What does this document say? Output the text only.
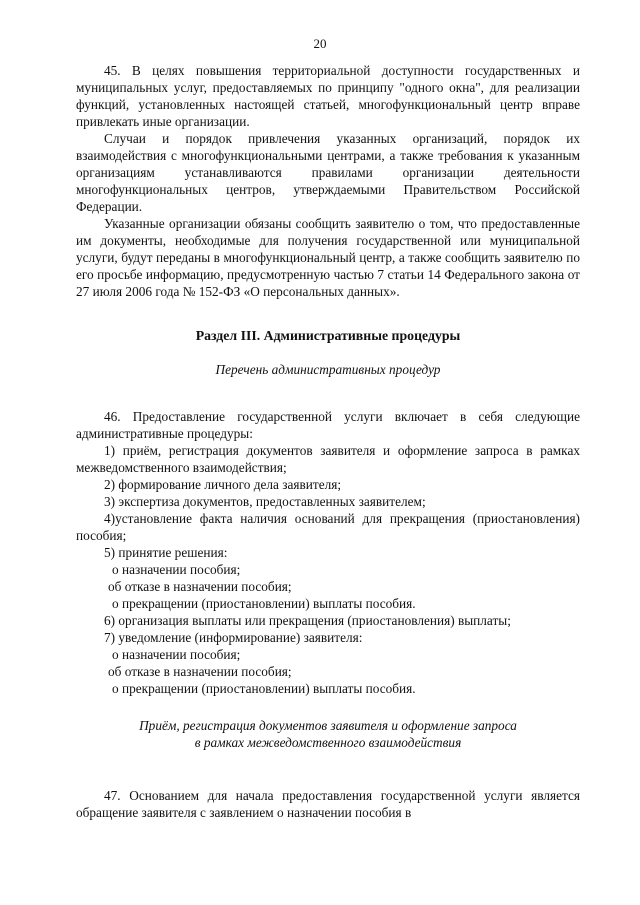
20

45. В целях повышения территориальной доступности государственных и муниципальных услуг, предоставляемых по принципу "одного окна", для реализации функций, установленных настоящей статьей, многофункциональный центр вправе привлекать иные организации.

Случаи и порядок привлечения указанных организаций, порядок их взаимодействия с многофункциональными центрами, а также требования к указанным организациям устанавливаются правилами организации деятельности многофункциональных центров, утверждаемыми Правительством Российской Федерации.

Указанные организации обязаны сообщить заявителю о том, что предоставленные им документы, необходимые для получения государственной или муниципальной услуги, будут переданы в многофункциональный центр, а также сообщить заявителю по его просьбе информацию, предусмотренную частью 7 статьи 14 Федерального закона от 27 июля 2006 года № 152-ФЗ «О персональных данных».

Раздел III. Административные процедуры

Перечень административных процедур

46. Предоставление государственной услуги включает в себя следующие административные процедуры:

1) приём, регистрация документов заявителя и оформление запроса в рамках межведомственного взаимодействия;

2) формирование личного дела заявителя;

3) экспертиза документов, предоставленных заявителем;

4)установление факта наличия оснований для прекращения (приостановления) пособия;

5) принятие решения:

о назначении пособия;

об отказе в назначении пособия;

о прекращении (приостановлении) выплаты пособия.

6) организация выплаты или прекращения (приостановления) выплаты;

7) уведомление (информирование) заявителя:

о назначении пособия;

об отказе в назначении пособия;

о прекращении (приостановлении) выплаты пособия.

Приём, регистрация документов заявителя и оформление запроса

в рамках межведомственного взаимодействия

47. Основанием для начала предоставления государственной услуги является обращение заявителя с заявлением о назначении пособия в
